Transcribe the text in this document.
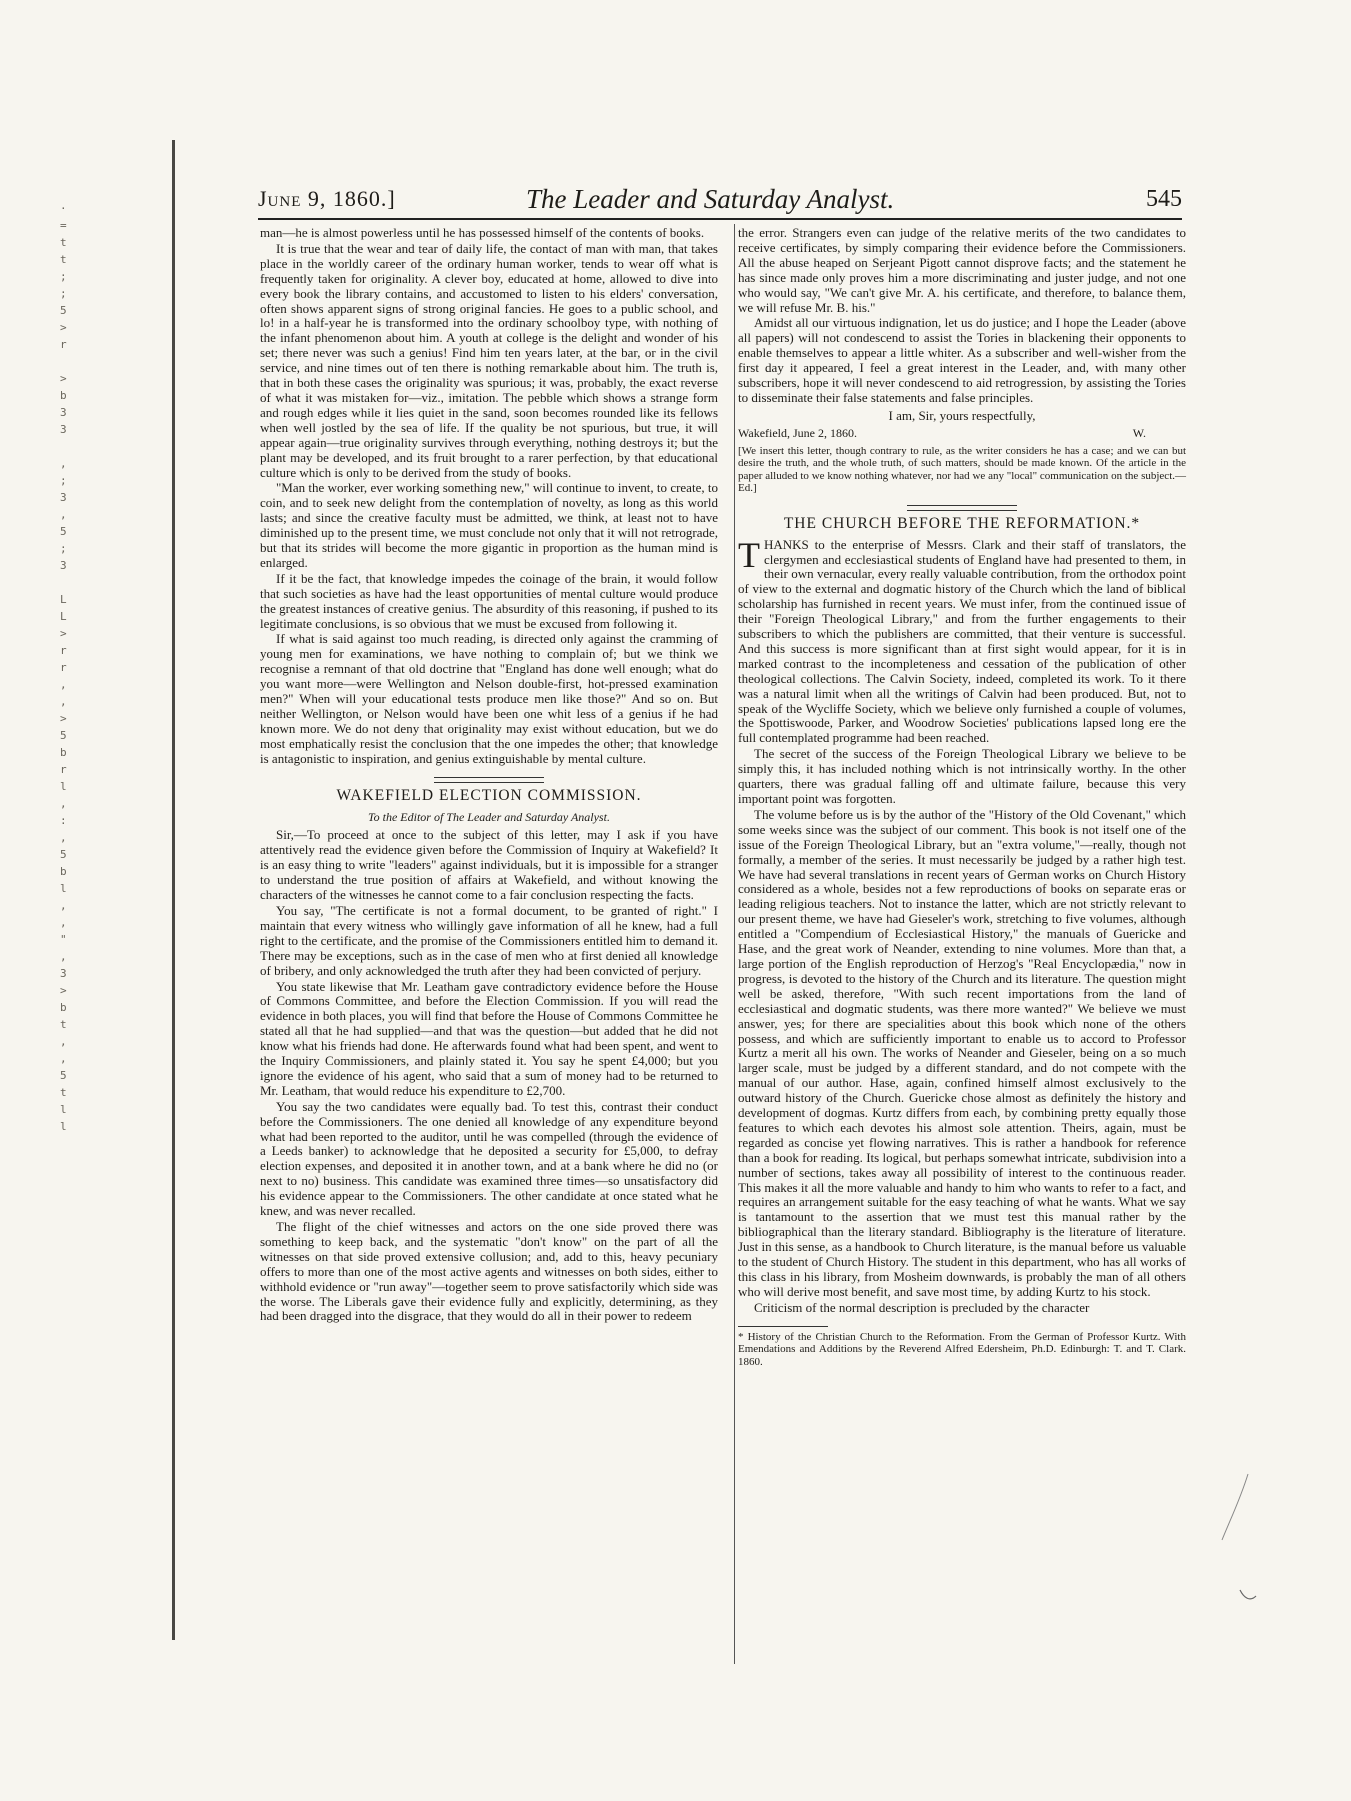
·
=
t
t
;
;
5
>
r

>
b
3
3

,
;
3
,
5
;
3

L
L
>
r
r
,
,
>
5
b
r
l
,
:
,
5
b
l
,
,
"
,
3
>
b
t
,
,
5
t
l
l
June 9, 1860.]	The Leader and Saturday Analyst.	545

man—he is almost powerless until he has possessed himself of the contents of books.

It is true that the wear and tear of daily life, the contact of man with man, that takes place in the worldly career of the ordinary human worker, tends to wear off what is frequently taken for originality. A clever boy, educated at home, allowed to dive into every book the library contains, and accustomed to listen to his elders' conversation, often shows apparent signs of strong original fancies. He goes to a public school, and lo! in a half-year he is transformed into the ordinary schoolboy type, with nothing of the infant phenomenon about him. A youth at college is the delight and wonder of his set; there never was such a genius! Find him ten years later, at the bar, or in the civil service, and nine times out of ten there is nothing remarkable about him. The truth is, that in both these cases the originality was spurious; it was, probably, the exact reverse of what it was mistaken for—viz., imitation. The pebble which shows a strange form and rough edges while it lies quiet in the sand, soon becomes rounded like its fellows when well jostled by the sea of life. If the quality be not spurious, but true, it will appear again—true originality survives through everything, nothing destroys it; but the plant may be developed, and its fruit brought to a rarer perfection, by that educational culture which is only to be derived from the study of books.

"Man the worker, ever working something new," will continue to invent, to create, to coin, and to seek new delight from the contemplation of novelty, as long as this world lasts; and since the creative faculty must be admitted, we think, at least not to have diminished up to the present time, we must conclude not only that it will not retrograde, but that its strides will become the more gigantic in proportion as the human mind is enlarged.

If it be the fact, that knowledge impedes the coinage of the brain, it would follow that such societies as have had the least opportunities of mental culture would produce the greatest instances of creative genius. The absurdity of this reasoning, if pushed to its legitimate conclusions, is so obvious that we must be excused from following it.

If what is said against too much reading, is directed only against the cramming of young men for examinations, we have nothing to complain of; but we think we recognise a remnant of that old doctrine that "England has done well enough; what do you want more—were Wellington and Nelson double-first, hot-pressed examination men?" When will your educational tests produce men like those?" And so on. But neither Wellington, or Nelson would have been one whit less of a genius if he had known more. We do not deny that originality may exist without education, but we do most emphatically resist the conclusion that the one impedes the other; that knowledge is antagonistic to inspiration, and genius extinguishable by mental culture.

WAKEFIELD ELECTION COMMISSION.
To the Editor of The Leader and Saturday Analyst.

Sir,—To proceed at once to the subject of this letter, may I ask if you have attentively read the evidence given before the Commission of Inquiry at Wakefield? It is an easy thing to write "leaders" against individuals, but it is impossible for a stranger to understand the true position of affairs at Wakefield, and without knowing the characters of the witnesses he cannot come to a fair conclusion respecting the facts.

You say, "The certificate is not a formal document, to be granted of right." I maintain that every witness who willingly gave information of all he knew, had a full right to the certificate, and the promise of the Commissioners entitled him to demand it. There may be exceptions, such as in the case of men who at first denied all knowledge of bribery, and only acknowledged the truth after they had been convicted of perjury.

You state likewise that Mr. Leatham gave contradictory evidence before the House of Commons Committee, and before the Election Commission. If you will read the evidence in both places, you will find that before the House of Commons Committee he stated all that he had supplied—and that was the question—but added that he did not know what his friends had done. He afterwards found what had been spent, and went to the Inquiry Commissioners, and plainly stated it. You say he spent £4,000; but you ignore the evidence of his agent, who said that a sum of money had to be returned to Mr. Leatham, that would reduce his expenditure to £2,700.

You say the two candidates were equally bad. To test this, contrast their conduct before the Commissioners. The one denied all knowledge of any expenditure beyond what had been reported to the auditor, until he was compelled (through the evidence of a Leeds banker) to acknowledge that he deposited a security for £5,000, to defray election expenses, and deposited it in another town, and at a bank where he did no (or next to no) business. This candidate was examined three times—so unsatisfactory did his evidence appear to the Commissioners. The other candidate at once stated what he knew, and was never recalled.

The flight of the chief witnesses and actors on the one side proved there was something to keep back, and the systematic "don't know" on the part of all the witnesses on that side proved extensive collusion; and, add to this, heavy pecuniary offers to more than one of the most active agents and witnesses on both sides, either to withhold evidence or "run away"—together seem to prove satisfactorily which side was the worse. The Liberals gave their evidence fully and explicitly, determining, as they had been dragged into the disgrace, that they would do all in their power to redeem

the error. Strangers even can judge of the relative merits of the two candidates to receive certificates, by simply comparing their evidence before the Commissioners. All the abuse heaped on Serjeant Pigott cannot disprove facts; and the statement he has since made only proves him a more discriminating and juster judge, and not one who would say, "We can't give Mr. A. his certificate, and therefore, to balance them, we will refuse Mr. B. his."

Amidst all our virtuous indignation, let us do justice; and I hope the Leader (above all papers) will not condescend to assist the Tories in blackening their opponents to enable themselves to appear a little whiter. As a subscriber and well-wisher from the first day it appeared, I feel a great interest in the Leader, and, with many other subscribers, hope it will never condescend to aid retrogression, by assisting the Tories to disseminate their false statements and false principles.

I am, Sir, yours respectfully,

Wakefield, June 2, 1860.	W.
[We insert this letter, though contrary to rule, as the writer considers he has a case; and we can but desire the truth, and the whole truth, of such matters, should be made known. Of the article in the paper alluded to we know nothing whatever, nor had we any "local" communication on the subject.—Ed.]
THE CHURCH BEFORE THE REFORMATION.*

T HANKS to the enterprise of Messrs. Clark and their staff of translators, the clergymen and ecclesiastical students of England have had presented to them, in their own vernacular, every really valuable contribution, from the orthodox point of view to the external and dogmatic history of the Church which the land of biblical scholarship has furnished in recent years. We must infer, from the continued issue of their "Foreign Theological Library," and from the further engagements to their subscribers to which the publishers are committed, that their venture is successful. And this success is more significant than at first sight would appear, for it is in marked contrast to the incompleteness and cessation of the publication of other theological collections. The Calvin Society, indeed, completed its work. To it there was a natural limit when all the writings of Calvin had been produced. But, not to speak of the Wycliffe Society, which we believe only furnished a couple of volumes, the Spottiswoode, Parker, and Woodrow Societies' publications lapsed long ere the full contemplated programme had been reached.

The secret of the success of the Foreign Theological Library we believe to be simply this, it has included nothing which is not intrinsically worthy. In the other quarters, there was gradual falling off and ultimate failure, because this very important point was forgotten.

The volume before us is by the author of the "History of the Old Covenant," which some weeks since was the subject of our comment. This book is not itself one of the issue of the Foreign Theological Library, but an "extra volume,"—really, though not formally, a member of the series. It must necessarily be judged by a rather high test. We have had several translations in recent years of German works on Church History considered as a whole, besides not a few reproductions of books on separate eras or leading religious teachers. Not to instance the latter, which are not strictly relevant to our present theme, we have had Gieseler's work, stretching to five volumes, although entitled a "Compendium of Ecclesiastical History," the manuals of Guericke and Hase, and the great work of Neander, extending to nine volumes. More than that, a large portion of the English reproduction of Herzog's "Real Encyclopædia," now in progress, is devoted to the history of the Church and its literature. The question might well be asked, therefore, "With such recent importations from the land of ecclesiastical and dogmatic students, was there more wanted?" We believe we must answer, yes; for there are specialities about this book which none of the others possess, and which are sufficiently important to enable us to accord to Professor Kurtz a merit all his own. The works of Neander and Gieseler, being on a so much larger scale, must be judged by a different standard, and do not compete with the manual of our author. Hase, again, confined himself almost exclusively to the outward history of the Church. Guericke chose almost as definitely the history and development of dogmas. Kurtz differs from each, by combining pretty equally those features to which each devotes his almost sole attention. Theirs, again, must be regarded as concise yet flowing narratives. This is rather a handbook for reference than a book for reading. Its logical, but perhaps somewhat intricate, subdivision into a number of sections, takes away all possibility of interest to the continuous reader. This makes it all the more valuable and handy to him who wants to refer to a fact, and requires an arrangement suitable for the easy teaching of what he wants. What we say is tantamount to the assertion that we must test this manual rather by the bibliographical than the literary standard. Bibliography is the literature of literature. Just in this sense, as a handbook to Church literature, is the manual before us valuable to the student of Church History. The student in this department, who has all works of this class in his library, from Mosheim downwards, is probably the man of all others who will derive most benefit, and save most time, by adding Kurtz to his stock.

Criticism of the normal description is precluded by the character

* History of the Christian Church to the Reformation. From the German of Professor Kurtz. With Emendations and Additions by the Reverend Alfred Edersheim, Ph.D. Edinburgh: T. and T. Clark. 1860.
